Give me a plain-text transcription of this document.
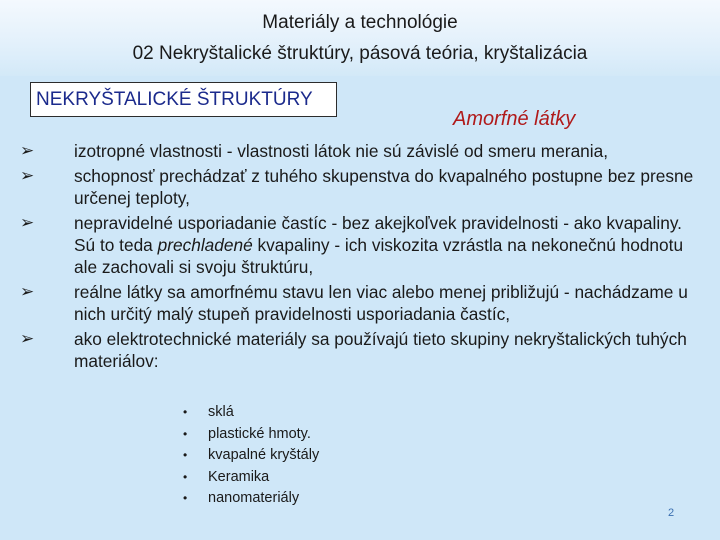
Materiály a technológie
02 Nekryštalické štruktúry, pásová teória, kryštalizácia
NEKRYŠTALICKÉ ŠTRUKTÚRY
Amorfné látky
➢ izotropné vlastnosti - vlastnosti látok nie sú závislé od smeru merania,
➢ schopnosť prechádzať z tuhého skupenstva do kvapalného postupne bez presne určenej teploty,
➢ nepravidelné usporiadanie častíc - bez akejkoľvek pravidelnosti - ako kvapaliny. Sú to teda prechladené kvapaliny - ich viskozita vzrástla na nekonečnú hodnotu ale zachovali si svoju štruktúru,
➢ reálne látky sa amorfnému stavu len viac alebo menej približujú - nachádzame u nich určitý malý stupeň pravidelnosti usporiadania častíc,
➢ ako elektrotechnické materiály sa používajú tieto skupiny nekryštalických tuhých materiálov:
• sklá
• plastické hmoty.
• kvapalné kryštály
• Keramika
• nanomateriály
2
